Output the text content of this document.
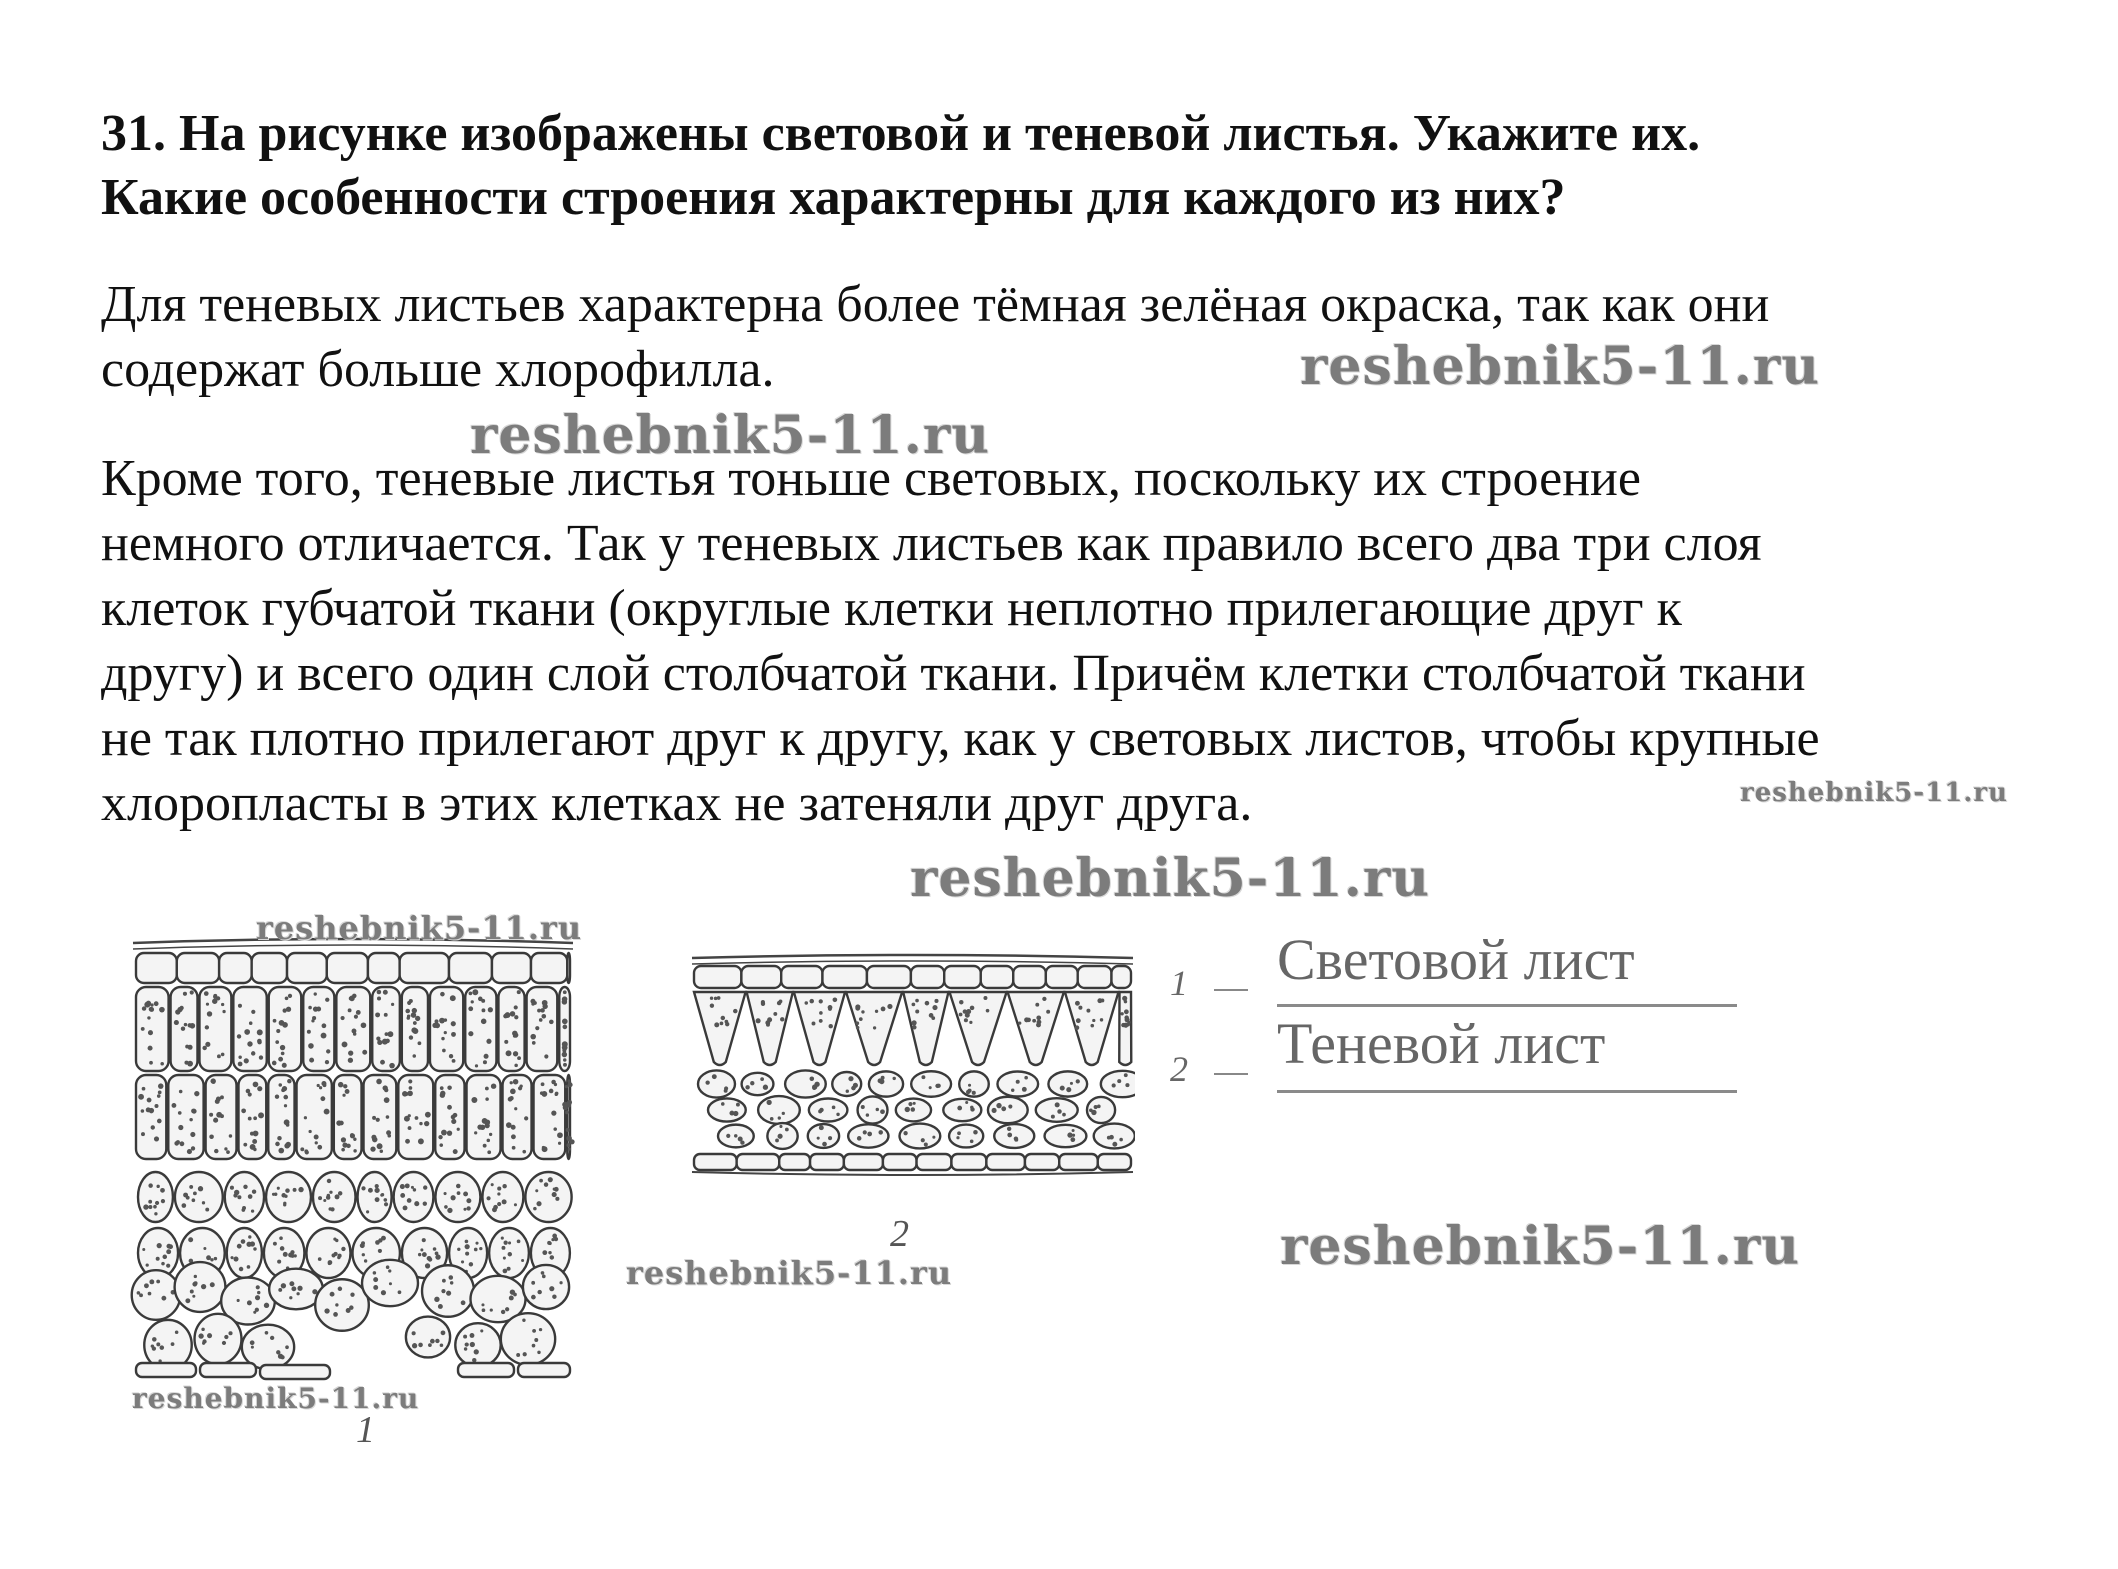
31. На рисунке изображены световой и теневой листья. Укажите их.
Какие особенности строения характерны для каждого из них?
Для теневых листьев характерна более тёмная зелёная окраска, так как они
содержат больше хлорофилла.
Кроме того, теневые листья тоньше световых, поскольку их строение
немного отличается. Так у теневых листьев как правило всего два три слоя
клеток губчатой ткани (округлые клетки неплотно прилегающие друг к
другу) и всего один слой столбчатой ткани. Причём клетки столбчатой ткани
не так плотно прилегают друг к другу, как у световых листов, чтобы крупные
хлоропласты в этих клетках не затеняли друг друга.
1
2
1 Световой лист
2 Теневой лист
reshebnik5-11.ru
reshebnik5-11.ru
reshebnik5-11.ru
reshebnik5-11.ru
reshebnik5-11.ru
reshebnik5-11.ru	reshebnik5-11.ru
reshebnik5-11.ru
